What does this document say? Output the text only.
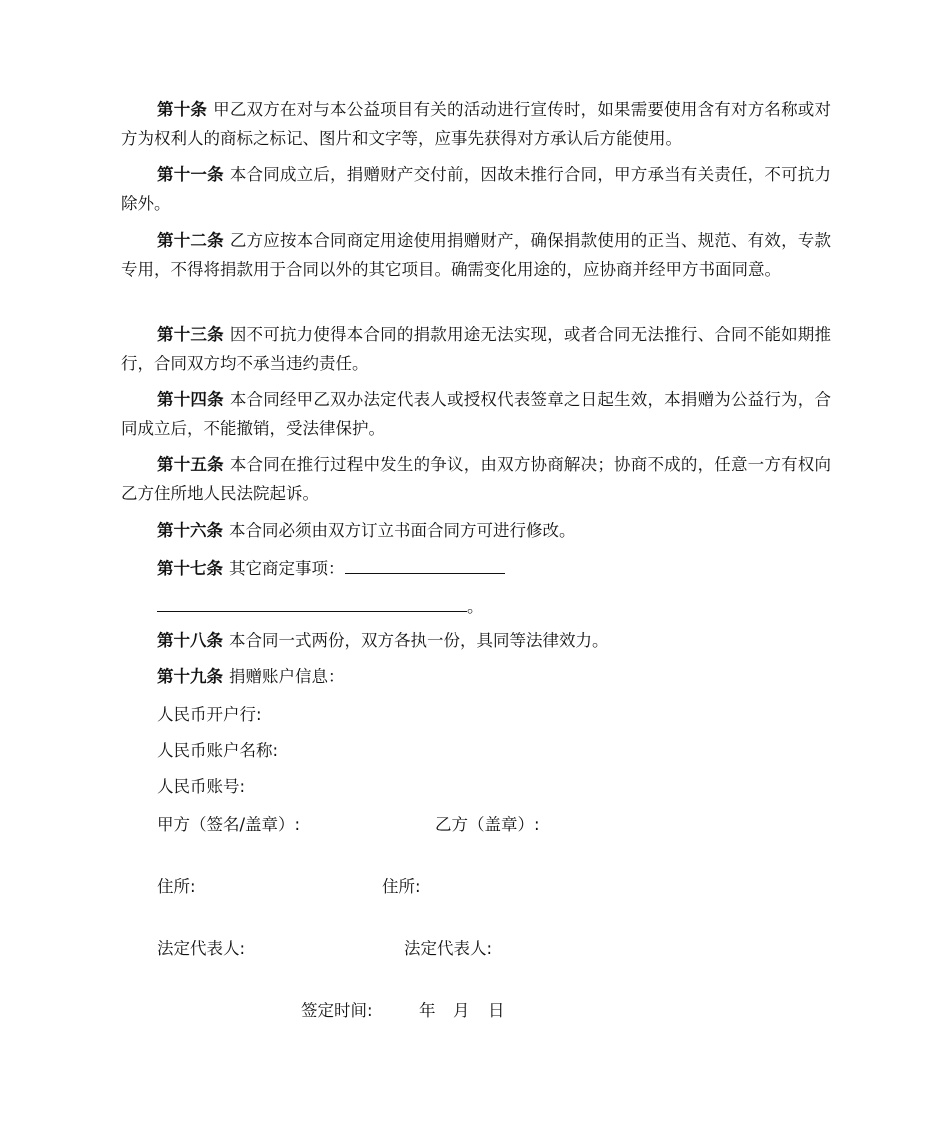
第十条 甲乙双方在对与本公益项目有关的活动进行宣传时，如果需要使用含有对方名称或对方为权利人的商标之标记、图片和文字等，应事先获得对方承认后方能使用。

第十一条 本合同成立后，捐赠财产交付前，因故未推行合同，甲方承当有关责任，不可抗力除外。

第十二条 乙方应按本合同商定用途使用捐赠财产，确保捐款使用的正当、规范、有效，专款专用，不得将捐款用于合同以外的其它项目。确需变化用途的，应协商并经甲方书面同意。

第十三条 因不可抗力使得本合同的捐款用途无法实现，或者合同无法推行、合同不能如期推行，合同双方均不承当违约责任。

第十四条 本合同经甲乙双办法定代表人或授权代表签章之日起生效，本捐赠为公益行为，合同成立后，不能撤销，受法律保护。

第十五条 本合同在推行过程中发生的争议，由双方协商解决；协商不成的，任意一方有权向乙方住所地人民法院起诉。

第十六条 本合同必须由双方订立书面合同方可进行修改。

第十七条 其它商定事项：

。

第十八条 本合同一式两份，双方各执一份，具同等法律效力。

第十九条 捐赠账户信息：

人民币开户行:

人民币账户名称:

人民币账号:

甲方（签名/盖章）:	乙方（盖章）:

住所:	住所:

法定代表人:	法定代表人:

签定时间:	年 月 日
